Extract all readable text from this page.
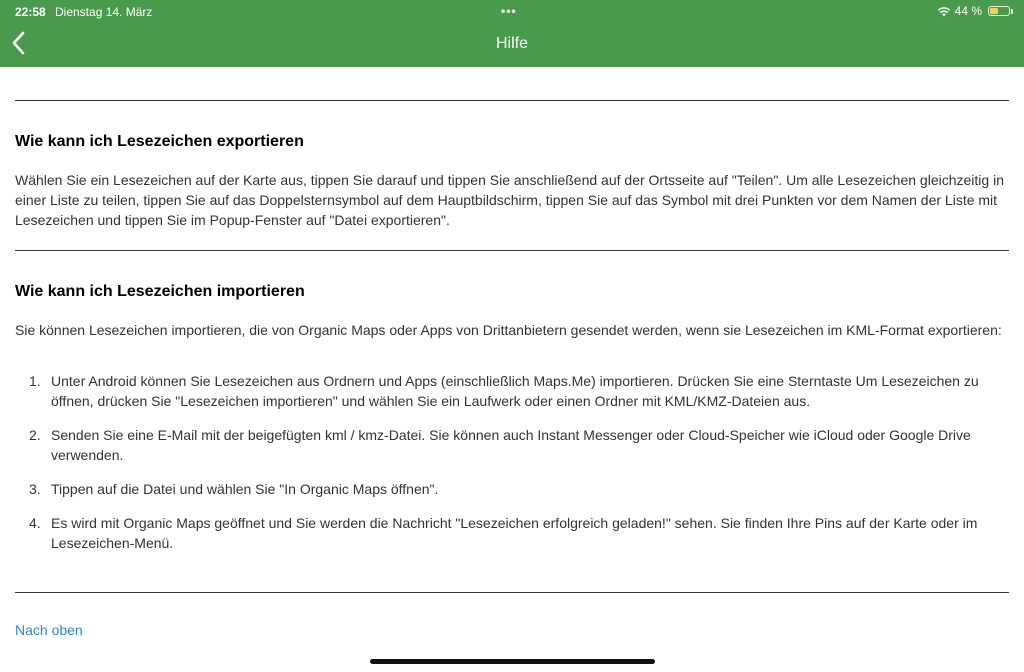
22:58 Dienstag 14. März	•••	44 %
Hilfe
Wie kann ich Lesezeichen exportieren

Wählen Sie ein Lesezeichen auf der Karte aus, tippen Sie darauf und tippen Sie anschließend auf der Ortsseite auf "Teilen". Um alle Lesezeichen gleichzeitig in einer Liste zu teilen, tippen Sie auf das Doppelsternsymbol auf dem Hauptbildschirm, tippen Sie auf das Symbol mit drei Punkten vor dem Namen der Liste mit Lesezeichen und tippen Sie im Popup-Fenster auf "Datei exportieren".

Wie kann ich Lesezeichen importieren

Sie können Lesezeichen importieren, die von Organic Maps oder Apps von Drittanbietern gesendet werden, wenn sie Lesezeichen im KML-Format exportieren:

1. Unter Android können Sie Lesezeichen aus Ordnern und Apps (einschließlich Maps.Me) importieren. Drücken Sie eine Sterntaste Um Lesezeichen zu öffnen, drücken Sie "Lesezeichen importieren" und wählen Sie ein Laufwerk oder einen Ordner mit KML/KMZ-Dateien aus.
2. Senden Sie eine E-Mail mit der beigefügten kml / kmz-Datei. Sie können auch Instant Messenger oder Cloud-Speicher wie iCloud oder Google Drive verwenden.
3. Tippen auf die Datei und wählen Sie "In Organic Maps öffnen".
4. Es wird mit Organic Maps geöffnet und Sie werden die Nachricht "Lesezeichen erfolgreich geladen!" sehen. Sie finden Ihre Pins auf der Karte oder im Lesezeichen-Menü.
Nach oben
